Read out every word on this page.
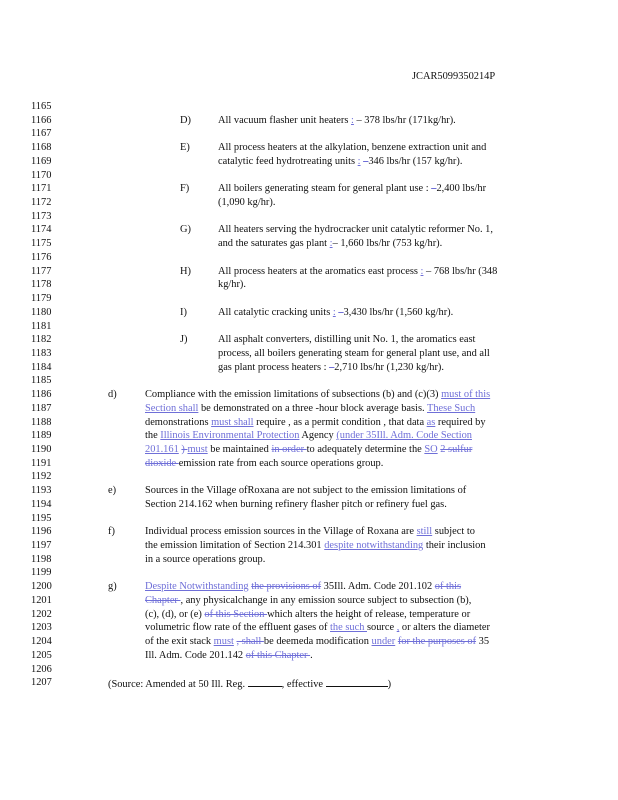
JCAR5099350214P
1165
1166	D)	All vacuum flasher unit heaters : – 378 lbs/hr (171kg/hr).
1167
1168	E)	All process heaters at the alkylation, benzene extraction unit and
1169	catalytic feed hydrotreating units : –346 lbs/hr (157 kg/hr).
1170
1171	F)	All boilers generating steam for general plant use : –2,400 lbs/hr
1172	(1,090 kg/hr).
1173
1174	G)	All heaters serving the hydrocracker unit catalytic reformer No. 1,
1175	and the saturates gas plant :– 1,660 lbs/hr (753 kg/hr).
1176
1177	H)	All process heaters at the aromatics east process : – 768 lbs/hr (348
1178	kg/hr).
1179
1180	I)	All catalytic cracking units : –3,430 lbs/hr (1,560 kg/hr).
1181
1182	J)	All asphalt converters, distilling unit No. 1, the aromatics east
1183	process, all boilers generating steam for general plant use, and all
1184	gas plant process heaters : –2,710 lbs/hr (1,230 kg/hr).
1185
1186	d)	Compliance with the emission limitations of subsections (b) and (c)(3) must of this
1187	Section shall be demonstrated on a three -hour block average basis. These Such
1188	demonstrations must shall require , as a permit condition , that data as required by
1189	the Illinois Environmental Protection Agency (under 35Ill. Adm. Code Section
1190	201.161 ) must be maintained in order to adequately determine the SO 2 sulfur
1191	dioxide emission rate from each source operations group.
1192
1193	e)	Sources in the Village ofRoxana are not subject to the emission limitations of
1194	Section 214.162 when burning refinery flasher pitch or refinery fuel gas.
1195
1196	f)	Individual process emission sources in the Village of Roxana are still subject to
1197	the emission limitation of Section 214.301 despite notwithstanding their inclusion
1198	in a source operations group.
1199
1200	g)	Despite Notwithstanding the provisions of 35Ill. Adm. Code 201.102 of this
1201	Chapter , any physicalchange in any emission source subject to subsection (b),
1202	(c), (d), or (e) of this Section which alters the height of release, temperature or
1203	volumetric flow rate of the effluent gases of the such source , or alters the diameter
1204	of the exit stack must , shall be deemeda modification under for the purposes of 35
1205	Ill. Adm. Code 201.142 of this Chapter .
1206
1207	(Source: Amended at 50 Ill. Reg.	, effective	)
